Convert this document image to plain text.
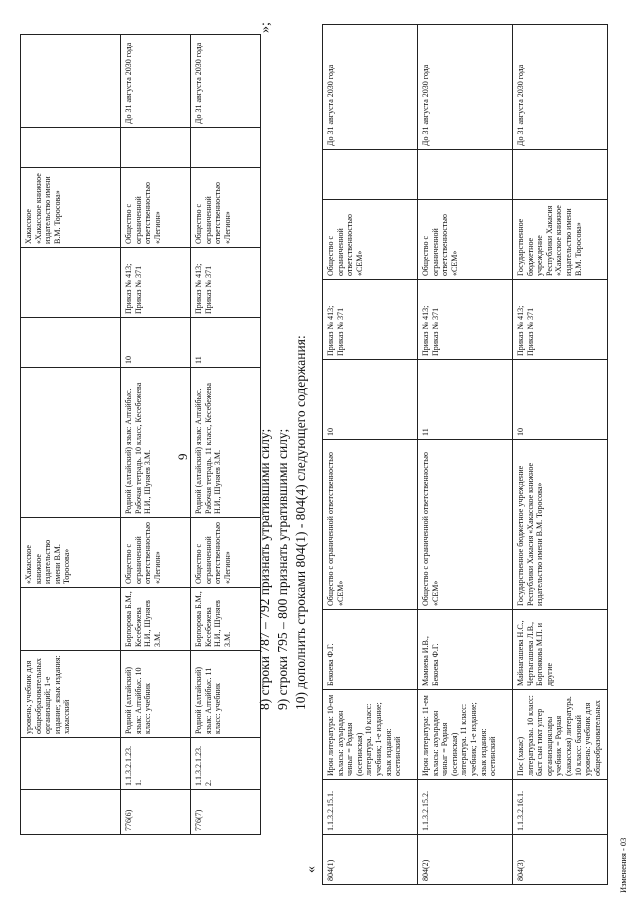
		уровень; учебник для общеобразовательных организаций; 1-е издание; язык издания: хакасский		«Хакасское книжное издательство имени В.М. Торосова»				Хакасское «Хакасское книжное издательство имени В.М. Торосова»		
776(6)	1.1.3.2.1.23. 1.	Родной (алтайский) язык: Алтайбыс. 10 класс: учебник	Борпорова Б.М., Кесебежева Н.И., Шуняев З.М.	Общество с ограниченной ответственностью «Легион»	Родной (алтайский) язык: Алтайбыс. Рабочая тетрадь. 10 класс, Кесебежева Н.И., Шуняев З.М.	10	Приказ № 413; Приказ № 371	Общество с ограниченной ответственностью «Легион»		До 31 августа 2030 года
776(7)	1.1.3.2.1.23. 2.	Родной (алтайский) язык: Алтайбыс. 11 класс: учебник	Борпорова Б.М., Кесебежева Н.И., Шуняев З.М.	Общество с ограниченной ответственностью «Легион»	Родной (алтайский) язык: Алтайбыс. Рабочая тетрадь. 11 класс, Кесебежева Н.И., Шуняев З.М.	11	Приказ № 413; Приказ № 371	Общество с ограниченной ответственностью «Легион»		До 31 августа 2030 года
9
»;
8) строки 787 – 792 признать утратившими силу; 9) строки 795 – 800 признать утратившими силу; 10) дополнить строками 804(1) - 804(4) следующего содержания:
« 804(1)	1.1.3.2.15.1.	Ирон литература: 10-ем къласы: ахуырадон чиныг = Родная (осетинская) литература. 10 класс: учебник; 1-е издание; язык издания: осетинский	Бекоева Ф.Г.	Общество с ограниченной ответственностью «СЕМ»	10	Приказ № 413; Приказ № 371	Общество с ограниченной ответственностью «СЕМ»		До 31 августа 2030 года
804(2)	1.1.3.2.15.2.	Ирон литература: 11-ем къласы: ахуырадон чиныг = Родная (осетинская) литература. 11 класс: учебник; 1-е издание; язык издания: осетинский	Мамиева И.В., Бекоева Ф.Г.	Общество с ограниченной ответственностью «СЕМ»	11	Приказ № 413; Приказ № 371	Общество с ограниченной ответственностью «СЕМ»		До 31 августа 2030 года
804(3)	1.1.3.2.16.1.	Пос (хакас) литературазы. 10 класс: баст сын тикт улгер организациялары учебник = Родная (хакасская) литература. 10 класс: базовый уровень: учебник для общеобразовательных	Майнагашева Н.С., Чертыгашева Л.В., Боргоякова М.П. и другие	Государственное бюджетное учреждение Республики Хакасия «Хакасское книжное издательство имени В.М. Торосова»	10	Приказ № 413; Приказ № 371	Государственное бюджетное учреждение Республики Хакасия «Хакасское книжное издательство имени В.М. Торосова»		До 31 августа 2030 года
Изменения - 03
